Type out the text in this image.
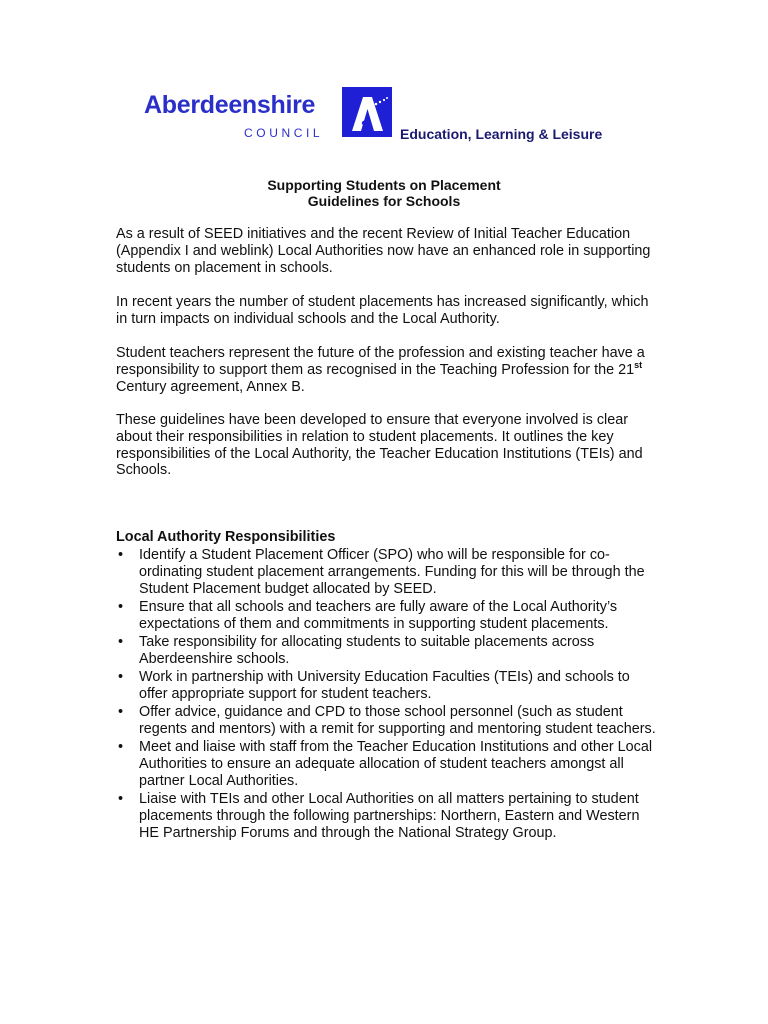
Aberdeenshire
COUNCIL	Education, Learning & Leisure
Supporting Students on Placement
Guidelines for Schools

As a result of SEED initiatives and the recent Review of Initial Teacher Education (Appendix I and weblink) Local Authorities now have an enhanced role in supporting students on placement in schools.

In recent years the number of student placements has increased significantly, which in turn impacts on individual schools and the Local Authority.

Student teachers represent the future of the profession and existing teacher have a responsibility to support them as recognised in the Teaching Profession for the 21st Century agreement, Annex B.

These guidelines have been developed to ensure that everyone involved is clear about their responsibilities in relation to student placements. It outlines the key responsibilities of the Local Authority, the Teacher Education Institutions (TEIs) and Schools.

Local Authority Responsibilities
• Identify a Student Placement Officer (SPO) who will be responsible for co-ordinating student placement arrangements. Funding for this will be through the Student Placement budget allocated by SEED.
• Ensure that all schools and teachers are fully aware of the Local Authority’s expectations of them and commitments in supporting student placements.
• Take responsibility for allocating students to suitable placements across Aberdeenshire schools.
• Work in partnership with University Education Faculties (TEIs) and schools to offer appropriate support for student teachers.
• Offer advice, guidance and CPD to those school personnel (such as student regents and mentors) with a remit for supporting and mentoring student teachers.
• Meet and liaise with staff from the Teacher Education Institutions and other Local Authorities to ensure an adequate allocation of student teachers amongst all partner Local Authorities.
• Liaise with TEIs and other Local Authorities on all matters pertaining to student placements through the following partnerships: Northern, Eastern and Western HE Partnership Forums and through the National Strategy Group.
